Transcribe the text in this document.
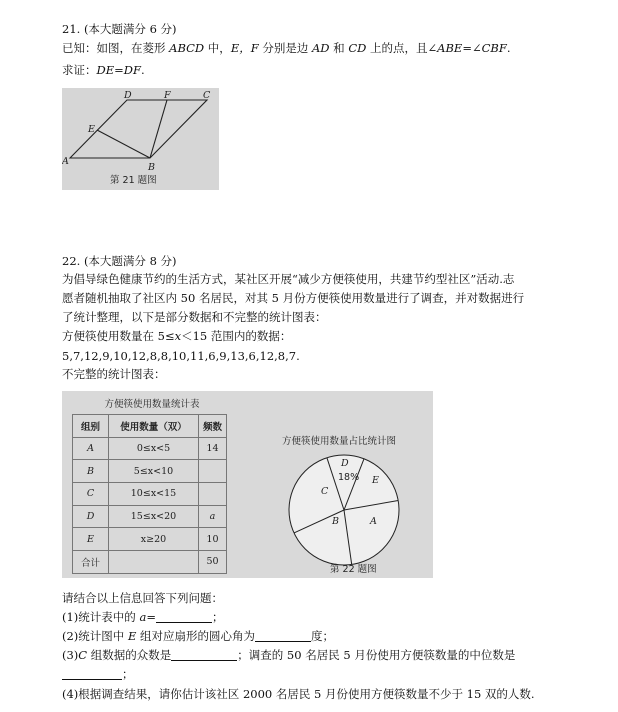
21. (本大题满分 6 分)
已知：如图，在菱形 ABCD 中，E，F 分别是边 AD 和 CD 上的点，且∠ABE=∠CBF.
求证：DE=DF.
A
B
C
D
E
F
第 21 题图
22. (本大题满分 8 分)
为倡导绿色健康节约的生活方式，某社区开展“减少方便筷使用，共建节约型社区”活动.志
愿者随机抽取了社区内 50 名居民，对其 5 月份方便筷使用数量进行了调查，并对数据进行
了统计整理，以下是部分数据和不完整的统计图表：
方便筷使用数量在 5≤x＜15 范围内的数据：
5,7,12,9,10,12,8,8,10,11,6,9,13,6,12,8,7.
不完整的统计图表：
方便筷使用数量统计表
组别	使用数量（双）	频数
A	0≤x<5	14
B	5≤x<10	
C	10≤x<15	
D	15≤x<20	a
E	x≥20	10
合计		50
方便筷使用数量占比统计图
D
18% E
C
B	A
第 22 题图
请结合以上信息回答下列问题：
(1)统计表中的 a=	；
(2)统计图中 E 组对应扇形的圆心角为	度；
(3)C 组数据的众数是	；调查的 50 名居民 5 月份使用方便筷数量的中位数是
；
(4)根据调查结果，请你估计该社区 2000 名居民 5 月份使用方便筷数量不少于 15 双的人数.
